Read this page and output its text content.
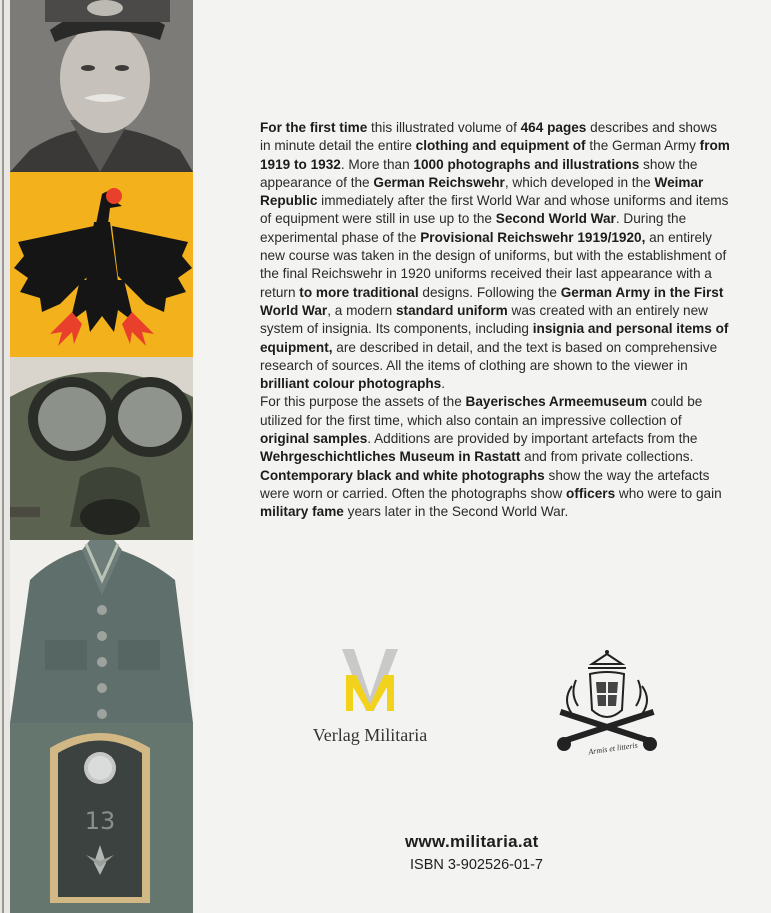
13

For the first time this illustrated volume of 464 pages describes and shows in minute detail the entire clothing and equipment of the German Army from 1919 to 1932. More than 1000 photographs and illustrations show the appearance of the German Reichswehr, which developed in the Weimar Republic immediately after the first World War and whose uniforms and items of equipment were still in use up to the Second World War. During the experimental phase of the Provisional Reichswehr 1919/1920, an entirely new course was taken in the design of uniforms, but with the establishment of the final Reichswehr in 1920 uniforms received their last appearance with a return to more traditional designs. Following the German Army in the First World War, a modern standard uniform was created with an entirely new system of insignia. Its components, including insignia and personal items of equipment, are described in detail, and the text is based on comprehensive research of sources. All the items of clothing are shown to the viewer in brilliant colour photographs.
For this purpose the assets of the Bayerisches Armeemuseum could be utilized for the first time, which also contain an impressive collection of original samples. Additions are provided by important artefacts from the Wehrgeschichtliches Museum in Rastatt and from private collections. Contemporary black and white photographs show the way the artefacts were worn or carried. Often the photographs show officers who were to gain military fame years later in the Second World War.

Verlag Militaria
Armis et litteris
www.militaria.at
ISBN 3-902526-01-7
